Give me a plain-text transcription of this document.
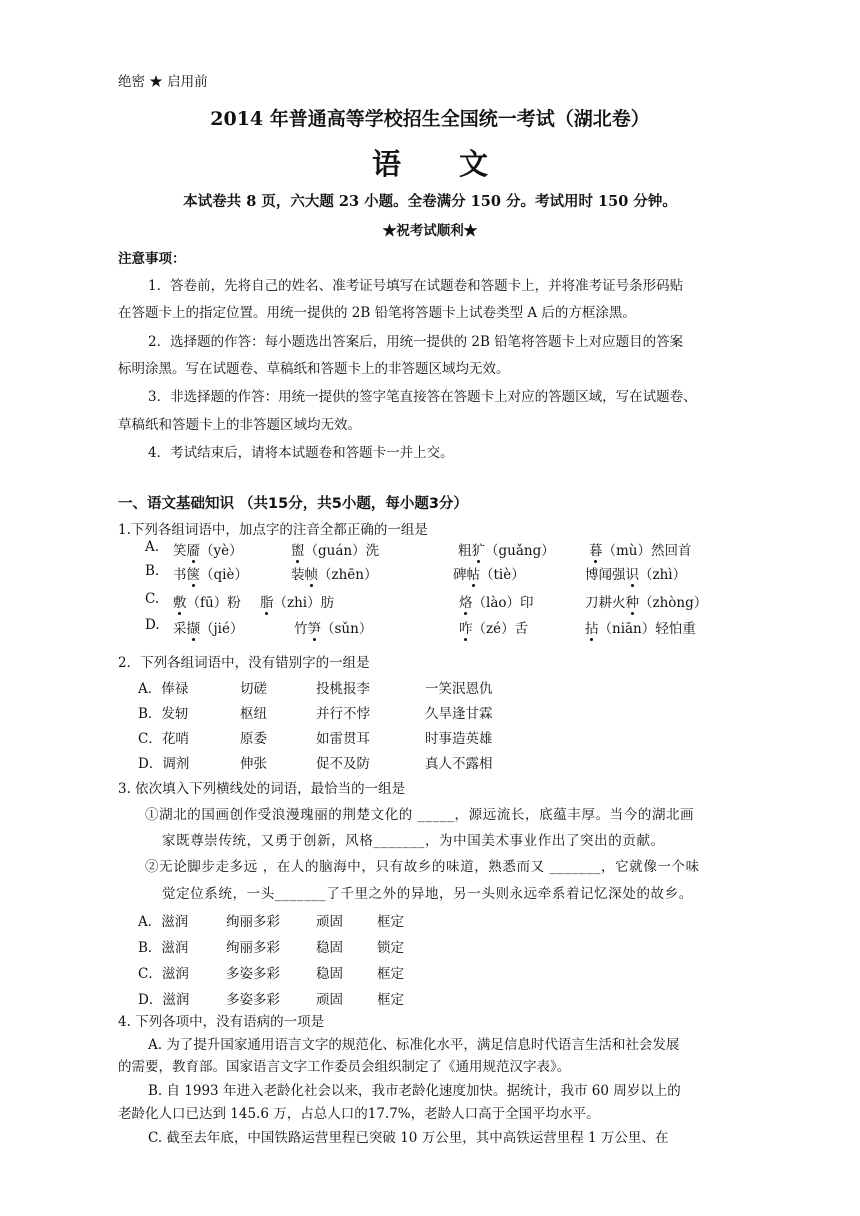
绝密 ★ 启用前
2014 年普通高等学校招生全国统一考试（湖北卷）
语文
本试卷共 8 页，六大题 23 小题。全卷满分 150 分。考试用时 150 分钟。
★祝考试顺利★
注意事项：
1．答卷前，先将自己的姓名、准考证号填写在试题卷和答题卡上，并将准考证号条形码贴
在答题卡上的指定位置。用统一提供的 2B 铅笔将答题卡上试卷类型 A 后的方框涂黑。
2．选择题的作答：每小题选出答案后，用统一提供的 2B 铅笔将答题卡上对应题目的答案
标明涂黑。写在试题卷、草稿纸和答题卡上的非答题区域均无效。
3．非选择题的作答：用统一提供的签字笔直接答在答题卡上对应的答题区域，写在试题卷、
草稿纸和答题卡上的非答题区域均无效。
4．考试结束后，请将本试题卷和答题卡一并上交。
一、语文基础知识 （共15分，共5小题，每小题3分）
1.下列各组词语中，加点字的注音全都正确的一组是
A. 笑靥（yè）	盥（guán）洗	粗犷（guǎng）	暮（mù）然回首
B. 书箧（qiè）	装帧（zhēn）	碑帖（tiè）	博闻强识（zhì）
C. 敷（fū）粉 脂（zhi）肪	烙（lào）印	刀耕火种（zhòng）
D. 采撷（jié）	竹笋（sǔn）	咋（zé）舌	拈（niān）轻怕重
2．下列各组词语中，没有错别字的一组是
A．俸禄	切磋	投桃报李	一笑泯恩仇
B．发轫	枢纽	并行不悖	久旱逢甘霖
C．花哨	原委	如雷贯耳	时事造英雄
D．调剂	伸张	促不及防	真人不露相
3. 依次填入下列横线处的词语，最恰当的一组是
①湖北的国画创作受浪漫瑰丽的荆楚文化的 _____，源远流长，底蕴丰厚。当今的湖北画
家既尊崇传统，又勇于创新，风格_______，为中国美术事业作出了突出的贡献。
②无论脚步走多远 ，在人的脑海中，只有故乡的味道，熟悉而又 _______，它就像一个味
觉定位系统，一头_______了千里之外的异地，另一头则永远牵系着记忆深处的故乡。
A．滋润	绚丽多彩	顽固	框定
B．滋润	绚丽多彩	稳固	锁定
C．滋润	多姿多彩	稳固	框定
D．滋润	多姿多彩	顽固	框定
4. 下列各项中，没有语病的一项是
A. 为了提升国家通用语言文字的规范化、标准化水平，满足信息时代语言生活和社会发展
的需要，教育部。国家语言文字工作委员会组织制定了《通用规范汉字表》。
B. 自 1993 年进入老龄化社会以来，我市老龄化速度加快。据统计，我市 60 周岁以上的
老龄化人口已达到 145.6 万，占总人口的17.7%，老龄人口高于全国平均水平。
C. 截至去年底，中国铁路运营里程已突破 10 万公里，其中高铁运营里程 1 万公里、在
